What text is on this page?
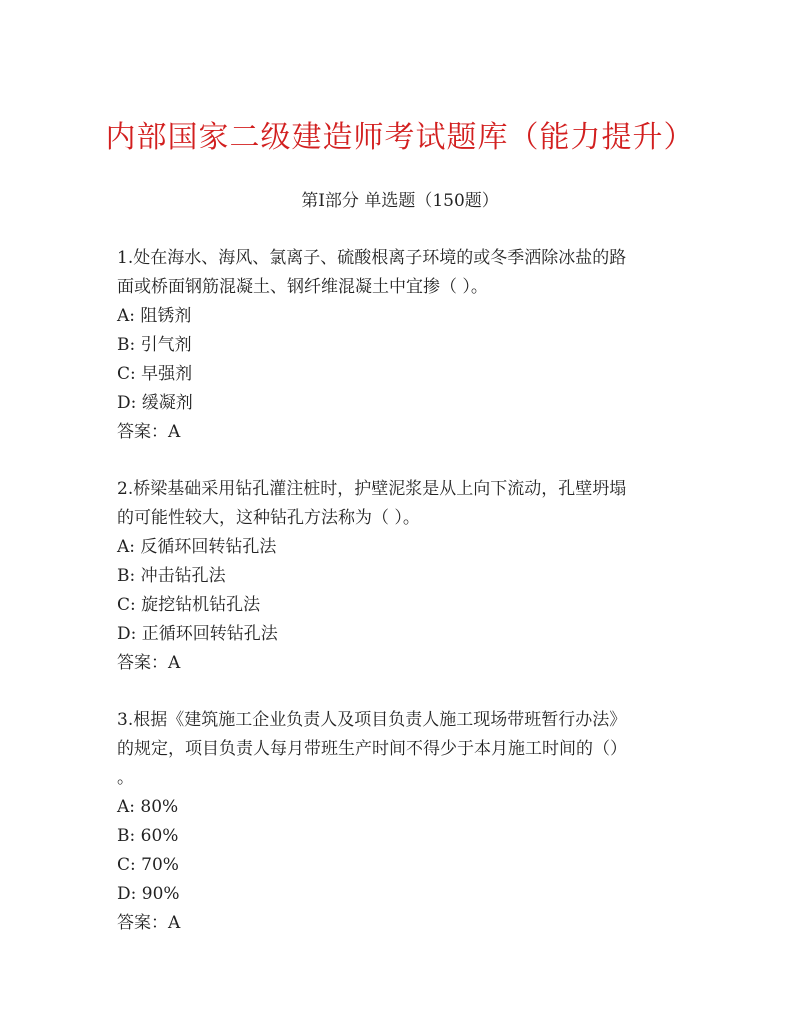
内部国家二级建造师考试题库（能力提升）
第I部分 单选题（150题）
1.处在海水、海风、氯离子、硫酸根离子环境的或冬季洒除冰盐的路
面或桥面钢筋混凝土、钢纤维混凝土中宜掺（ ）。
A: 阻锈剂
B: 引气剂
C: 早强剂
D: 缓凝剂
答案：A
2.桥梁基础采用钻孔灌注桩时，护壁泥浆是从上向下流动，孔壁坍塌
的可能性较大，这种钻孔方法称为（ ）。
A: 反循环回转钻孔法
B: 冲击钻孔法
C: 旋挖钻机钻孔法
D: 正循环回转钻孔法
答案：A
3.根据《建筑施工企业负责人及项目负责人施工现场带班暂行办法》
的规定，项目负责人每月带班生产时间不得少于本月施工时间的（）
。
A: 80%
B: 60%
C: 70%
D: 90%
答案：A
